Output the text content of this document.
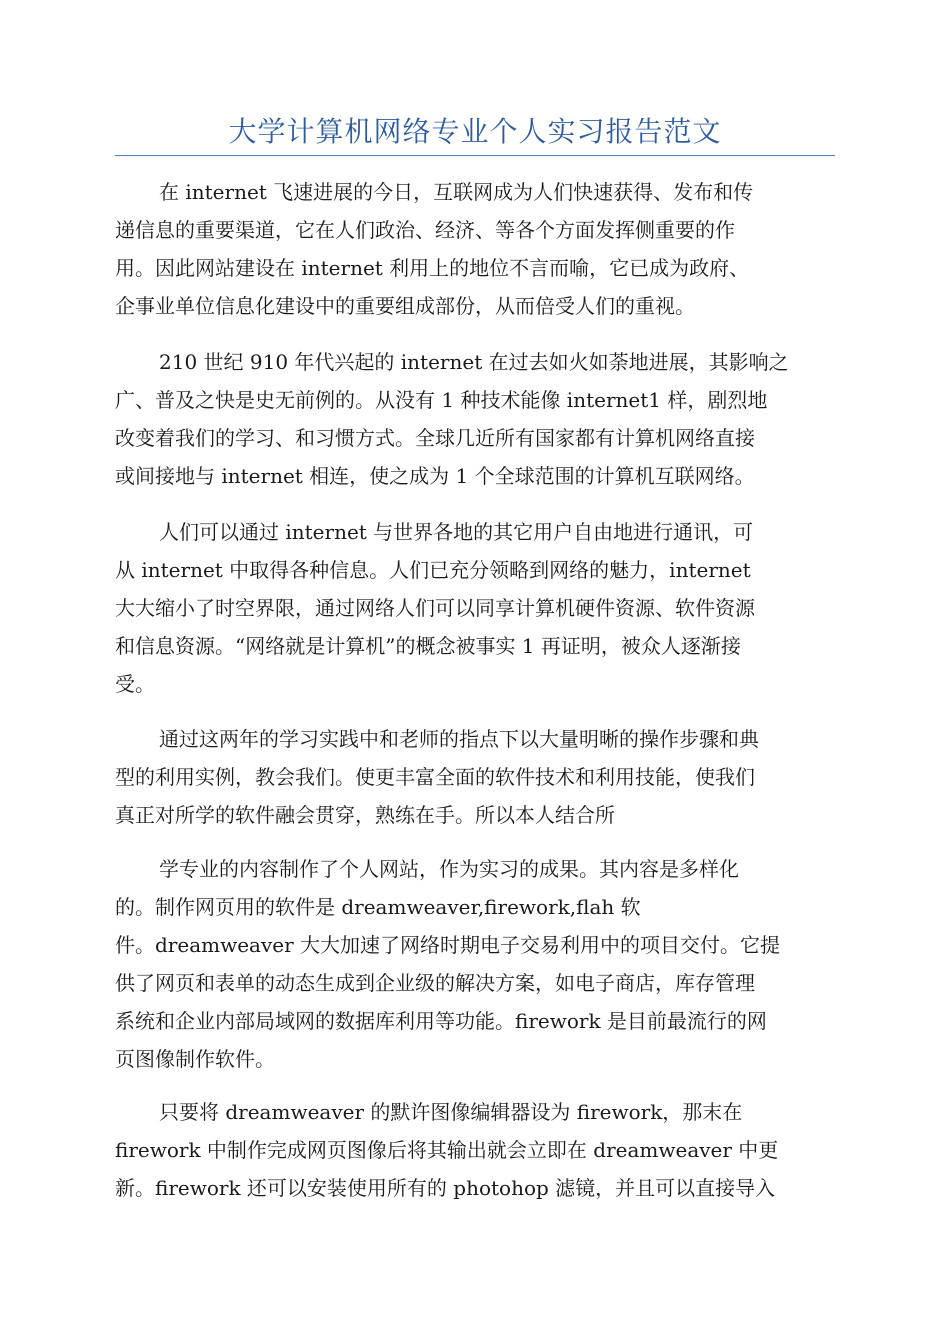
大学计算机网络专业个人实习报告范文
在 internet 飞速进展的今日，互联网成为人们快速获得、发布和传
递信息的重要渠道，它在人们政治、经济、等各个方面发挥侧重要的作
用。因此网站建设在 internet 利用上的地位不言而喻，它已成为政府、
企事业单位信息化建设中的重要组成部份，从而倍受人们的重视。
210 世纪 910 年代兴起的 internet 在过去如火如荼地进展，其影响之
广、普及之快是史无前例的。从没有 1 种技术能像 internet1 样，剧烈地
改变着我们的学习、和习惯方式。全球几近所有国家都有计算机网络直接
或间接地与 internet 相连，使之成为 1 个全球范围的计算机互联网络。
人们可以通过 internet 与世界各地的其它用户自由地进行通讯，可
从 internet 中取得各种信息。人们已充分领略到网络的魅力，internet
大大缩小了时空界限，通过网络人们可以同享计算机硬件资源、软件资源
和信息资源。“网络就是计算机”的概念被事实 1 再证明，被众人逐渐接
受。
通过这两年的学习实践中和老师的指点下以大量明晰的操作步骤和典
型的利用实例，教会我们。使更丰富全面的软件技术和利用技能，使我们
真正对所学的软件融会贯穿，熟练在手。所以本人结合所
学专业的内容制作了个人网站，作为实习的成果。其内容是多样化
的。制作网页用的软件是 dreamweaver,firework,flah 软
件。dreamweaver 大大加速了网络时期电子交易利用中的项目交付。它提
供了网页和表单的动态生成到企业级的解决方案，如电子商店，库存管理
系统和企业内部局域网的数据库利用等功能。firework 是目前最流行的网
页图像制作软件。
只要将 dreamweaver 的默许图像编辑器设为 firework，那末在
firework 中制作完成网页图像后将其输出就会立即在 dreamweaver 中更
新。firework 还可以安装使用所有的 photohop 滤镜，并且可以直接导入
